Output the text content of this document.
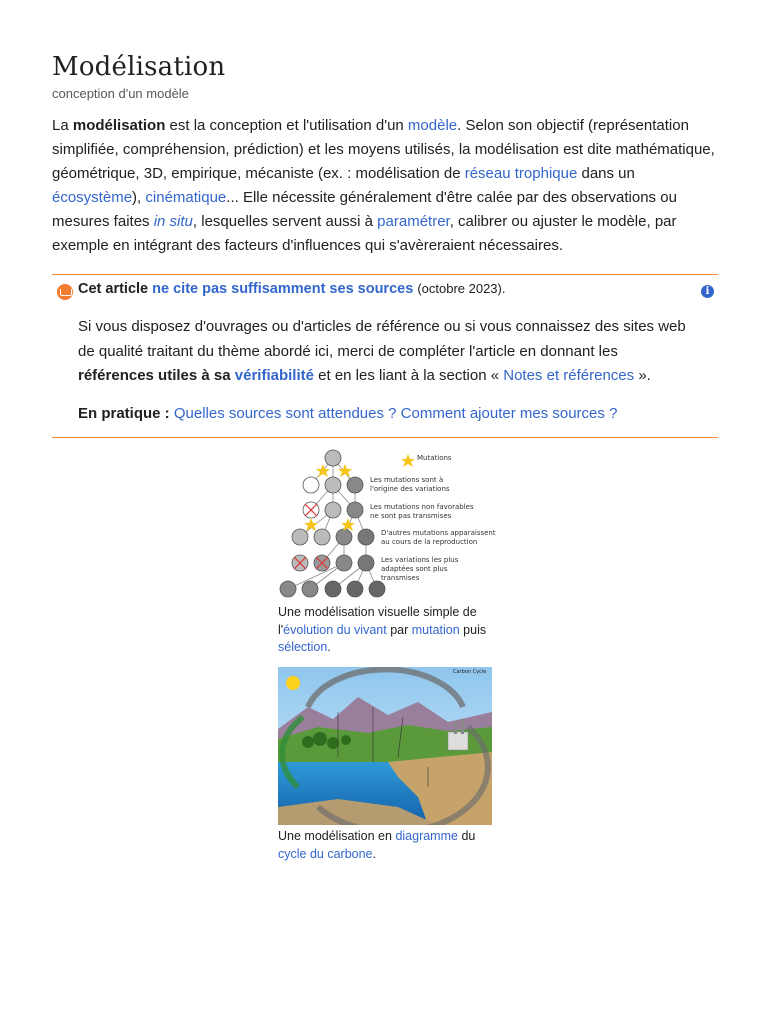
Modélisation
conception d'un modèle
La modélisation est la conception et l'utilisation d'un modèle. Selon son objectif (représentation simplifiée, compréhension, prédiction) et les moyens utilisés, la modélisation est dite mathématique, géométrique, 3D, empirique, mécaniste (ex. : modélisation de réseau trophique dans un écosystème), cinématique... Elle nécessite généralement d'être calée par des observations ou mesures faites in situ, lesquelles servent aussi à paramétrer, calibrer ou ajuster le modèle, par exemple en intégrant des facteurs d'influences qui s'avèreraient nécessaires.
Cet article ne cite pas suffisamment ses sources (octobre 2023).	i
Si vous disposez d'ouvrages ou d'articles de référence ou si vous connaissez des sites web de qualité traitant du thème abordé ici, merci de compléter l'article en donnant les références utiles à sa vérifiabilité et en les liant à la section « Notes et références ».
En pratique : Quelles sources sont attendues ? Comment ajouter mes sources ?
Mutations
Les mutations sont à
l'origine des variations
Les mutations non favorables
ne sont pas transmises
D'autres mutations apparaissent
au cours de la reproduction
Les variations les plus
adaptées sont plus
transmises
Une modélisation visuelle simple de l'évolution du vivant par mutation puis sélection.
Carbon Cycle
Une modélisation en diagramme du cycle du carbone.
